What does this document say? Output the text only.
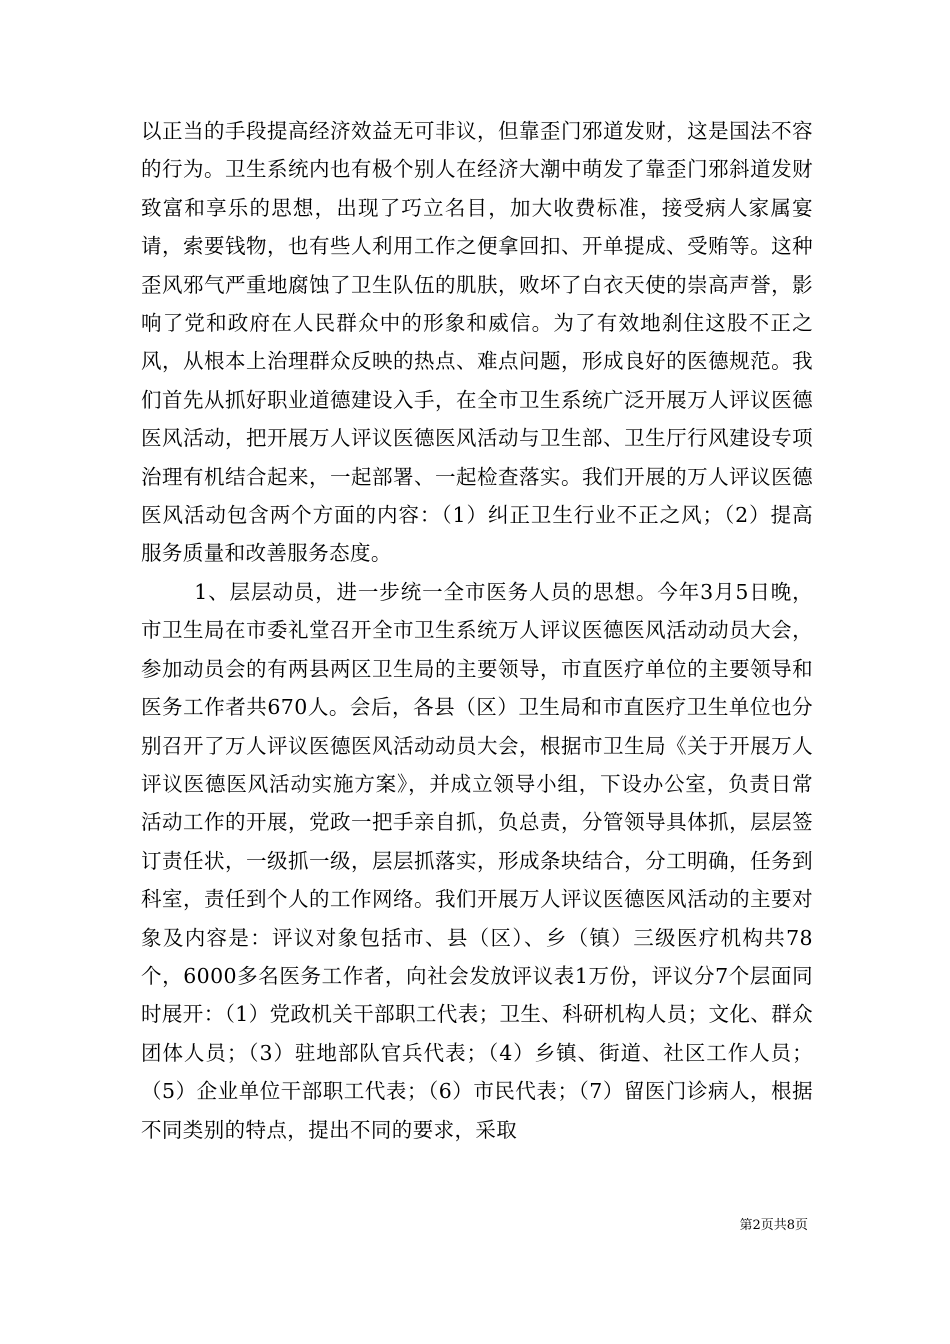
以正当的手段提高经济效益无可非议，但靠歪门邪道发财，这是国法不容的行为。卫生系统内也有极个别人在经济大潮中萌发了靠歪门邪斜道发财致富和享乐的思想，出现了巧立名目，加大收费标准，接受病人家属宴请，索要钱物，也有些人利用工作之便拿回扣、开单提成、受贿等。这种歪风邪气严重地腐蚀了卫生队伍的肌肤，败坏了白衣天使的崇高声誉，影响了党和政府在人民群众中的形象和威信。为了有效地刹住这股不正之风，从根本上治理群众反映的热点、难点问题，形成良好的医德规范。我们首先从抓好职业道德建设入手，在全市卫生系统广泛开展万人评议医德医风活动，把开展万人评议医德医风活动与卫生部、卫生厅行风建设专项治理有机结合起来，一起部署、一起检查落实。我们开展的万人评议医德医风活动包含两个方面的内容：（1）纠正卫生行业不正之风；（2）提高服务质量和改善服务态度。

1、层层动员，进一步统一全市医务人员的思想。今年3月5日晚，市卫生局在市委礼堂召开全市卫生系统万人评议医德医风活动动员大会，参加动员会的有两县两区卫生局的主要领导，市直医疗单位的主要领导和医务工作者共670人。会后，各县（区）卫生局和市直医疗卫生单位也分别召开了万人评议医德医风活动动员大会，根据市卫生局《关于开展万人评议医德医风活动实施方案》，并成立领导小组，下设办公室，负责日常活动工作的开展，党政一把手亲自抓，负总责，分管领导具体抓，层层签订责任状，一级抓一级，层层抓落实，形成条块结合，分工明确，任务到科室，责任到个人的工作网络。我们开展万人评议医德医风活动的主要对象及内容是：评议对象包括市、县（区）、乡（镇）三级医疗机构共78个，6000多名医务工作者，向社会发放评议表1万份，评议分7个层面同时展开：（1）党政机关干部职工代表；卫生、科研机构人员；文化、群众团体人员；（3）驻地部队官兵代表；（4）乡镇、街道、社区工作人员；（5）企业单位干部职工代表；（6）市民代表；（7）留医门诊病人，根据不同类别的特点，提出不同的要求，采取

第2页共8页
